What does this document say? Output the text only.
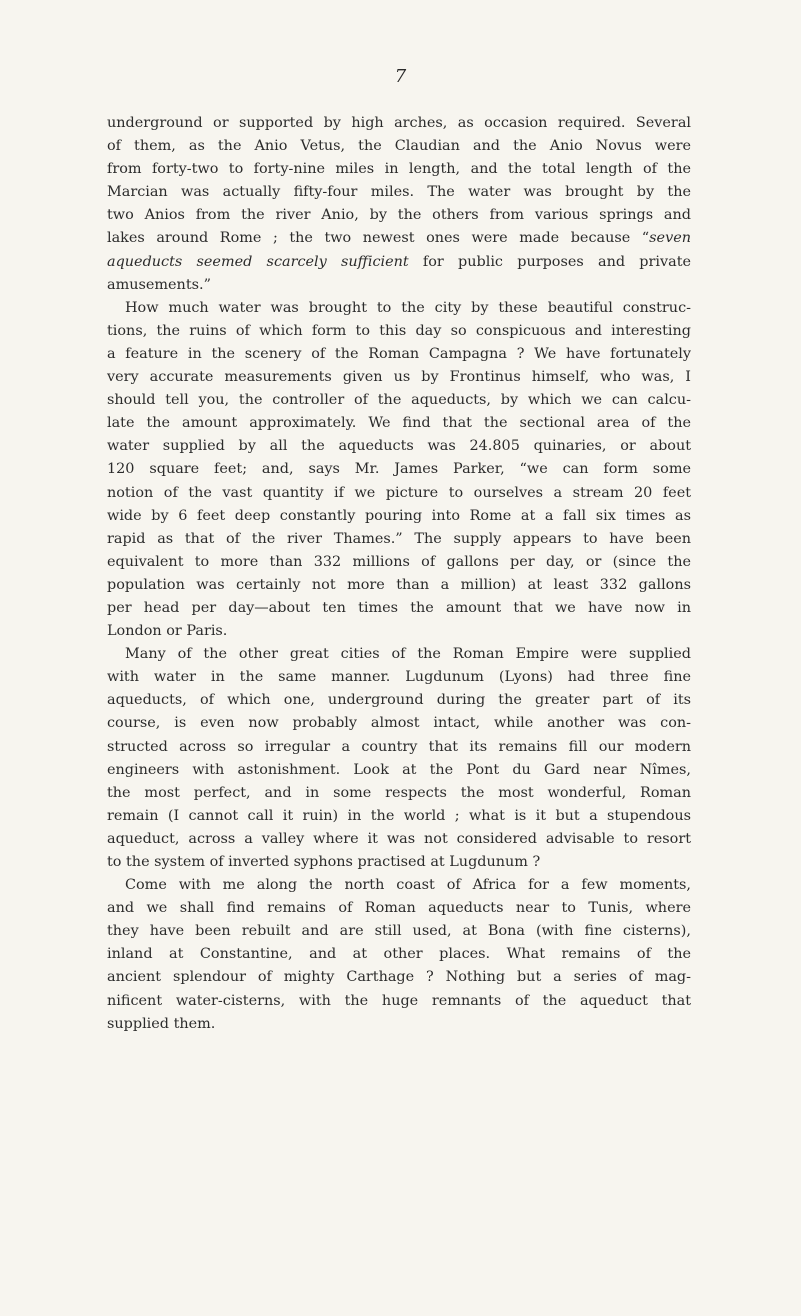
7
underground or supported by high arches, as occasion required. Several
of them, as the Anio Vetus, the Claudian and the Anio Novus were
from forty-two to forty-nine miles in length, and the total length of the
Marcian was actually fifty-four miles. The water was brought by the
two Anios from the river Anio, by the others from various springs and
lakes around Rome ; the two newest ones were made because “seven
aqueducts seemed scarcely sufficient for public purposes and private
amusements.”
How much water was brought to the city by these beautiful construc-
tions, the ruins of which form to this day so conspicuous and interesting
a feature in the scenery of the Roman Campagna ? We have fortunately
very accurate measurements given us by Frontinus himself, who was, I
should tell you, the controller of the aqueducts, by which we can calcu-
late the amount approximately. We find that the sectional area of the
water supplied by all the aqueducts was 24.805 quinaries, or about
120 square feet; and, says Mr. James Parker, “we can form some
notion of the vast quantity if we picture to ourselves a stream 20 feet
wide by 6 feet deep constantly pouring into Rome at a fall six times as
rapid as that of the river Thames.” The supply appears to have been
equivalent to more than 332 millions of gallons per day, or (since the
population was certainly not more than a million) at least 332 gallons
per head per day—about ten times the amount that we have now in
London or Paris.
Many of the other great cities of the Roman Empire were supplied
with water in the same manner. Lugdunum (Lyons) had three fine
aqueducts, of which one, underground during the greater part of its
course, is even now probably almost intact, while another was con-
structed across so irregular a country that its remains fill our modern
engineers with astonishment. Look at the Pont du Gard near Nîmes,
the most perfect, and in some respects the most wonderful, Roman
remain (I cannot call it ruin) in the world ; what is it but a stupendous
aqueduct, across a valley where it was not considered advisable to resort
to the system of inverted syphons practised at Lugdunum ?
Come with me along the north coast of Africa for a few moments,
and we shall find remains of Roman aqueducts near to Tunis, where
they have been rebuilt and are still used, at Bona (with fine cisterns),
inland at Constantine, and at other places. What remains of the
ancient splendour of mighty Carthage ? Nothing but a series of mag-
nificent water-cisterns, with the huge remnants of the aqueduct that
supplied them.
